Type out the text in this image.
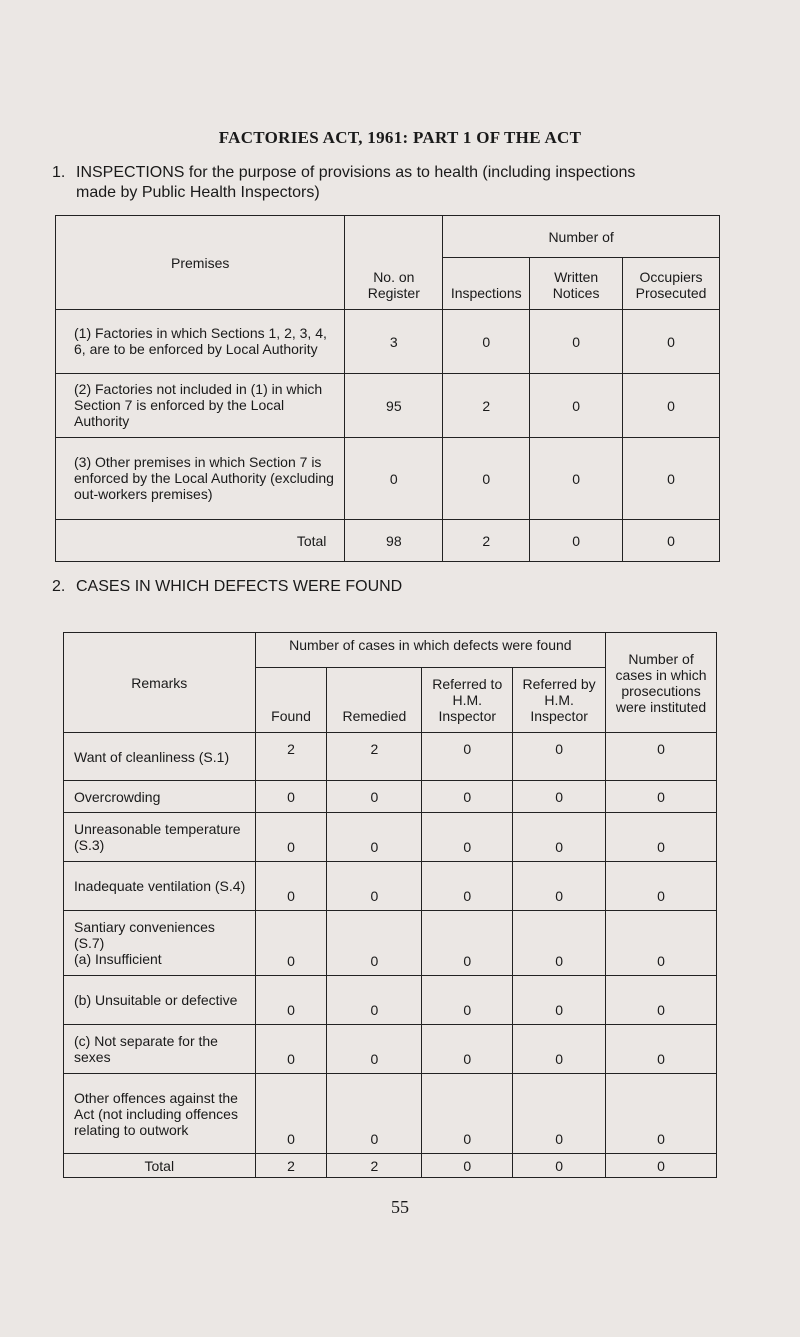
FACTORIES ACT, 1961: PART 1 OF THE ACT
1. INSPECTIONS for the purpose of provisions as to health (including inspections
made by Public Health Inspectors)
Premises	No. on Register	Number of		
		Inspections	Written Notices	Occupiers Prosecuted
(1) Factories in which Sections 1, 2, 3, 4, 6, are to be enforced by Local Authority	3	0	0	0
(2) Factories not included in (1) in which Section 7 is enforced by the Local Authority	95	2	0	0
(3) Other premises in which Section 7 is enforced by the Local Authority (excluding out-workers premises)	0	0	0	0
Total	98	2	0	0
2. CASES IN WHICH DEFECTS WERE FOUND
Remarks	Number of cases in which defects were found				Number of cases in which prosecutions were instituted
	Found	Remedied	Referred to H.M. Inspector	Referred by H.M. Inspector	
Want of cleanliness (S.1)	2	2	0	0	0
Overcrowding	0	0	0	0	0
Unreasonable temperature (S.3)	0	0	0	0	0
Inadequate ventilation (S.4)	0	0	0	0	0

Santiary conveniences (S.7)
(a) Insufficient	0	0	0	0	0
(b) Unsuitable or defective	0	0	0	0	0
(c) Not separate for the sexes	0	0	0	0	0
Other offences against the Act (not including offences relating to outwork	0	0	0	0	0
Total	2	2	0	0	0
55
